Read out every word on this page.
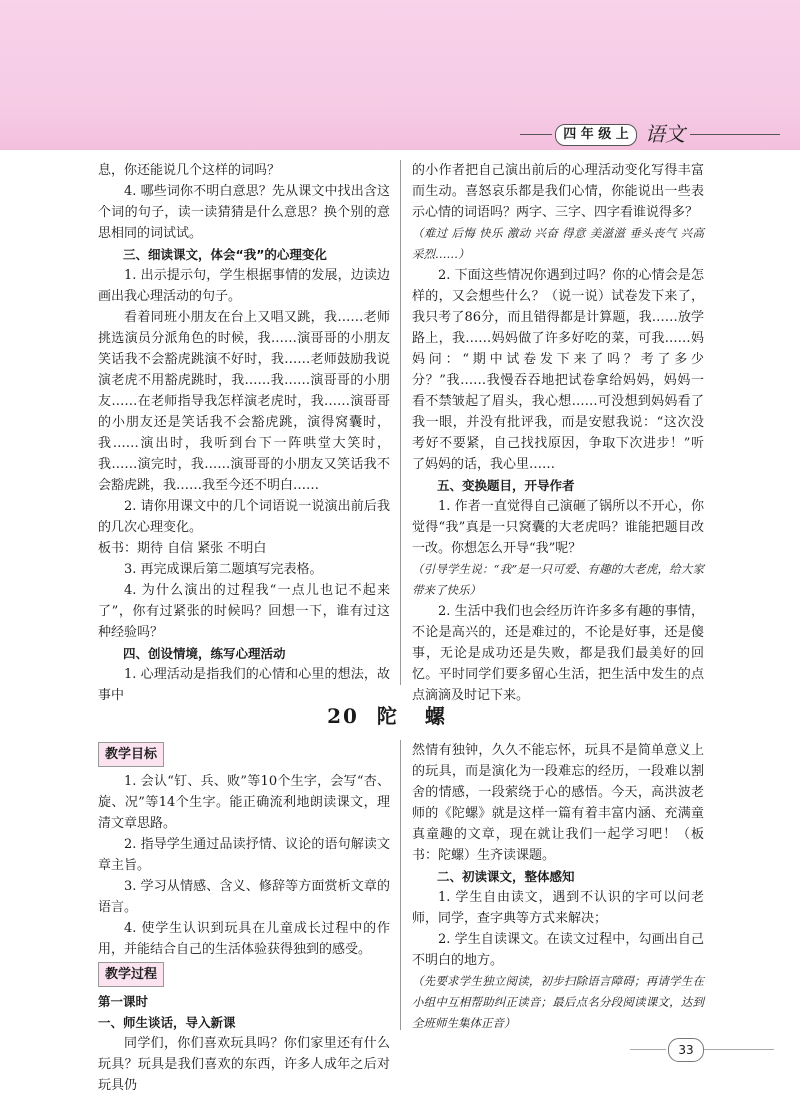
四 年 级 上 语文

息，你还能说几个这样的词吗？

4. 哪些词你不明白意思？先从课文中找出含这个词的句子，读一读猜猜是什么意思？换个别的意思相同的词试试。

三、细读课文，体会“我”的心理变化

1. 出示提示句，学生根据事情的发展，边读边画出我心理活动的句子。

看着同班小朋友在台上又唱又跳，我……老师挑选演员分派角色的时候，我……演哥哥的小朋友笑话我不会豁虎跳演不好时，我……老师鼓励我说演老虎不用豁虎跳时，我……我……演哥哥的小朋友……在老师指导我怎样演老虎时，我……演哥哥的小朋友还是笑话我不会豁虎跳，演得窝囊时，我……演出时，我听到台下一阵哄堂大笑时，我……演完时，我……演哥哥的小朋友又笑话我不会豁虎跳，我……我至今还不明白……

2. 请你用课文中的几个词语说一说演出前后我的几次心理变化。

板书：期待 自信 紧张 不明白

3. 再完成课后第二题填写完表格。

4. 为什么演出的过程我“一点儿也记不起来了”，你有过紧张的时候吗？回想一下，谁有过这种经验吗？

四、创设情境，练写心理活动

1. 心理活动是指我们的心情和心里的想法，故事中

的小作者把自己演出前后的心理活动变化写得丰富而生动。喜怒哀乐都是我们心情，你能说出一些表示心情的词语吗？两字、三字、四字看谁说得多？

（难过 后悔 快乐 激动 兴奋 得意 美滋滋 垂头丧气 兴高采烈……）

2. 下面这些情况你遇到过吗？你的心情会是怎样的，又会想些什么？（说一说）试卷发下来了，我只考了86分，而且错得都是计算题，我……放学路上，我……妈妈做了许多好吃的菜，可我……妈妈问：“期中试卷发下来了吗？考了多少分？”我……我慢吞吞地把试卷拿给妈妈，妈妈一看不禁皱起了眉头，我心想……可没想到妈妈看了我一眼，并没有批评我，而是安慰我说：“这次没考好不要紧，自己找找原因，争取下次进步！”听了妈妈的话，我心里……

五、变换题目，开导作者

1. 作者一直觉得自己演砸了锅所以不开心，你觉得“我”真是一只窝囊的大老虎吗？谁能把题目改一改。你想怎么开导“我”呢？

（引导学生说：“我”是一只可爱、有趣的大老虎，给大家带来了快乐）

2. 生活中我们也会经历许许多多有趣的事情，不论是高兴的，还是难过的，不论是好事，还是傻事，无论是成功还是失败，都是我们最美好的回忆。平时同学们要多留心生活，把生活中发生的点点滴滴及时记下来。

20 陀螺
教学目标

1. 会认“钉、兵、败”等10个生字，会写“杏、旋、况”等14个生字。能正确流利地朗读课文，理清文章思路。

2. 指导学生通过品读抒情、议论的语句解读文章主旨。

3. 学习从情感、含义、修辞等方面赏析文章的语言。

4. 使学生认识到玩具在儿童成长过程中的作用，并能结合自己的生活体验获得独到的感受。

教学过程

第一课时

一、师生谈话，导入新课

同学们，你们喜欢玩具吗？你们家里还有什么玩具？玩具是我们喜欢的东西，许多人成年之后对玩具仍

然情有独钟，久久不能忘怀，玩具不是简单意义上的玩具，而是演化为一段难忘的经历，一段难以割舍的情感，一段萦绕于心的感悟。今天，高洪波老师的《陀螺》就是这样一篇有着丰富内涵、充满童真童趣的文章，现在就让我们一起学习吧！（板书：陀螺）生齐读课题。

二、初读课文，整体感知

1. 学生自由读文，遇到不认识的字可以问老师，同学，查字典等方式来解决；

2. 学生自读课文。在读文过程中，勾画出自己不明白的地方。

（先要求学生独立阅读，初步扫除语言障碍；再请学生在小组中互相帮助纠正读音；最后点名分段阅读课文，达到全班师生集体正音）

33
